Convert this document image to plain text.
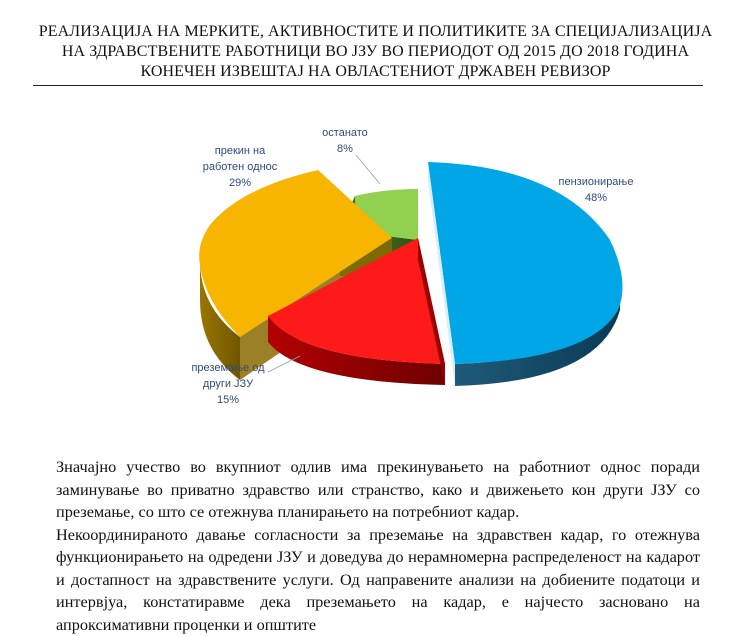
РЕАЛИЗАЦИЈА НА МЕРКИТЕ, АКТИВНОСТИТЕ И ПОЛИТИКИТЕ ЗА СПЕЦИЈАЛИЗАЦИЈА
НА ЗДРАВСТВЕНИТЕ РАБОТНИЦИ ВО ЈЗУ ВО ПЕРИОДОТ ОД 2015 ДО 2018 ГОДИНА
КОНЕЧЕН ИЗВЕШТАЈ НА ОВЛАСТЕНИОТ ДРЖАВЕН РЕВИЗОР
останато 8%
пензионирање 48%
прекин на работен однос 29%
преземање од други ЈЗУ 15%

Значајно учество во вкупниот одлив има прекинувањето на работниот однос поради заминување во приватно здравство или странство, како и движењето кон други ЈЗУ со преземање, со што се отежнува планирањето на потребниот кадар.

Некоординираното давање согласности за преземање на здравствен кадар, го отежнува функционирањето на одредени ЈЗУ и доведува до нерамномерна распределеност на кадарот и достапност на здравствените услуги. Од направените анализи на добиените податоци и интервјуа, констатиравме дека преземањето на кадар, е најчесто засновано на апроксимативни проценки и општите
